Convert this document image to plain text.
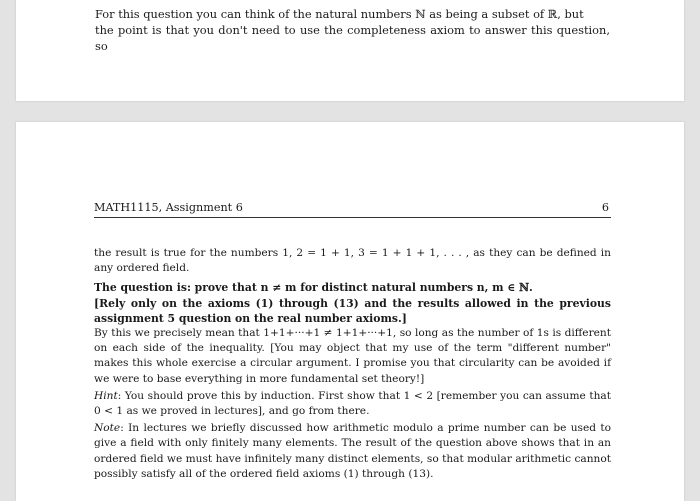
For this question you can think of the natural numbers ℕ as being a subset of ℝ, but
the point is that you don't need to use the completeness axiom to answer this question, so
MATH1115, Assignment 6	6

the result is true for the numbers 1, 2 = 1 + 1, 3 = 1 + 1 + 1, . . . , as they can be defined in any ordered field.

The question is: prove that n ≠ m for distinct natural numbers n, m ∈ ℕ.

[Rely only on the axioms (1) through (13) and the results allowed in the previous assignment 5 question on the real number axioms.]

By this we precisely mean that 1+1+···+1 ≠ 1+1+···+1, so long as the number of 1s is different on each side of the inequality. [You may object that my use of the term "different number" makes this whole exercise a circular argument. I promise you that circularity can be avoided if we were to base everything in more fundamental set theory!]

Hint: You should prove this by induction. First show that 1 < 2 [remember you can assume that 0 < 1 as we proved in lectures], and go from there.

Note: In lectures we briefly discussed how arithmetic modulo a prime number can be used to give a field with only finitely many elements. The result of the question above shows that in an ordered field we must have infinitely many distinct elements, so that modular arithmetic cannot possibly satisfy all of the ordered field axioms (1) through (13).
